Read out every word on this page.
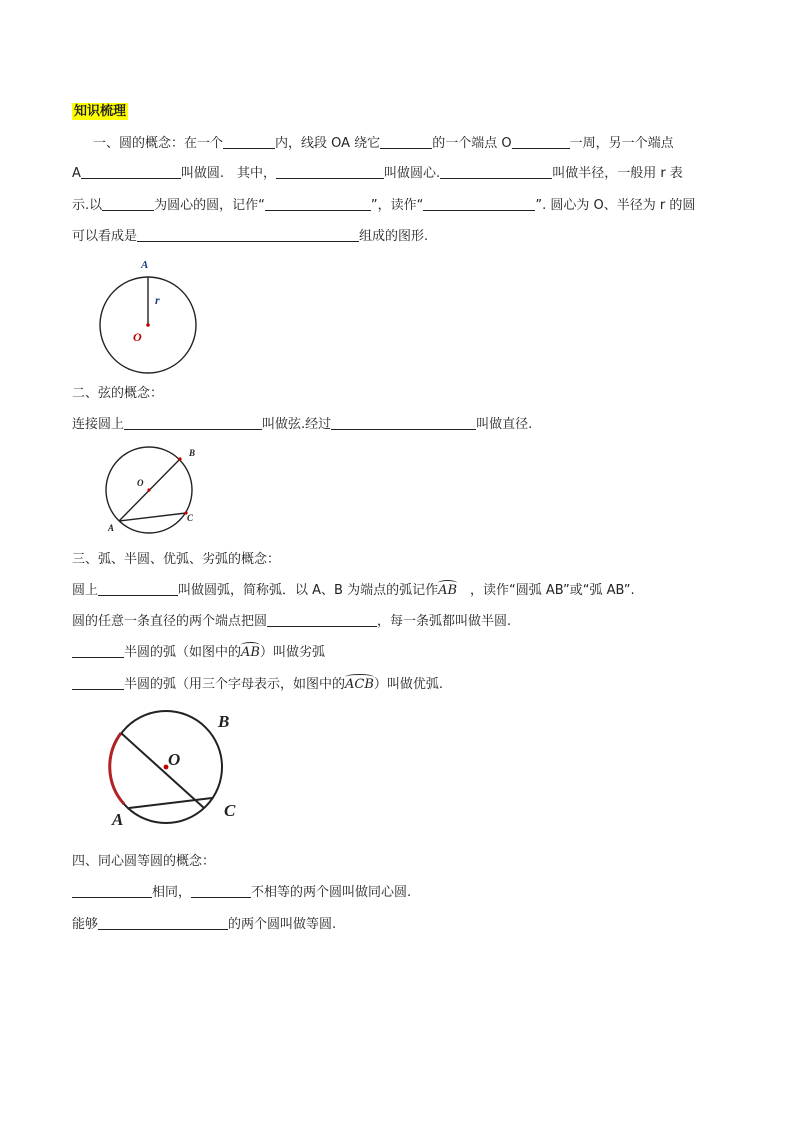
知识梳理
一、圆的概念：在一个	内，线段 OA 绕它	的一个端点 O	一周，另一个端点
A	叫做圆.　其中，	叫做圆心.	叫做半径，一般用 r 表
示.以	为圆心的圆，记作“	”，读作“	”. 圆心为 O、半径为 r 的圆
可以看成是	组成的图形.
A
r
O
二、弦的概念：
连接圆上	叫做弦.经过	叫做直径.
A
B
C
O
三、弧、半圆、优弧、劣弧的概念：
圆上	叫做圆弧，简称弧．以 A、B 为端点的弧记作AB　，读作“圆弧 AB”或“弧 AB”.
圆的任意一条直径的两个端点把圆	，每一条弧都叫做半圆.
半圆的弧（如图中的AB）叫做劣弧
半圆的弧（用三个字母表示，如图中的ACB）叫做优弧.
A
B
C
O
四、同心圆等圆的概念：
相同，	不相等的两个圆叫做同心圆.
能够	的两个圆叫做等圆.
